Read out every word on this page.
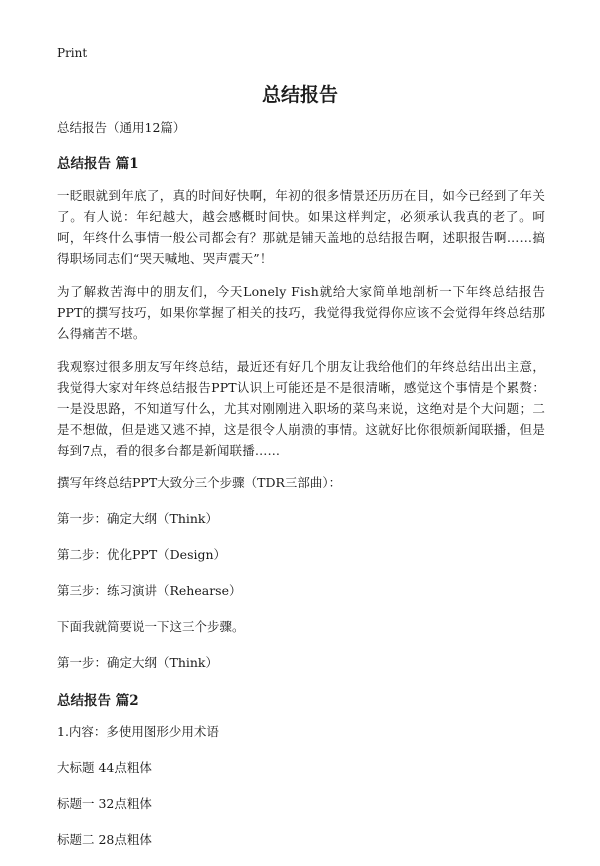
Print
总结报告

总结报告（通用12篇）

总结报告 篇1

一眨眼就到年底了，真的时间好快啊，年初的很多情景还历历在目，如今已经到了年关了。有人说：年纪越大，越会感概时间快。如果这样判定，必须承认我真的老了。呵呵，年终什么事情一般公司都会有？那就是铺天盖地的总结报告啊，述职报告啊……搞得职场同志们“哭天喊地、哭声震天”！

为了解救苦海中的朋友们，今天Lonely Fish就给大家简单地剖析一下年终总结报告PPT的撰写技巧，如果你掌握了相关的技巧，我觉得我觉得你应该不会觉得年终总结那么得痛苦不堪。

我观察过很多朋友写年终总结，最近还有好几个朋友让我给他们的年终总结出出主意，我觉得大家对年终总结报告PPT认识上可能还是不是很清晰，感觉这个事情是个累赘：一是没思路，不知道写什么，尤其对刚刚进入职场的菜鸟来说，这绝对是个大问题；二是不想做，但是逃又逃不掉，这是很令人崩溃的事情。这就好比你很烦新闻联播，但是每到7点，看的很多台都是新闻联播……

撰写年终总结PPT大致分三个步骤（TDR三部曲）：

第一步：确定大纲（Think）

第二步：优化PPT（Design）

第三步：练习演讲（Rehearse）

下面我就简要说一下这三个步骤。

第一步：确定大纲（Think）

总结报告 篇2

1.内容：多使用图形少用术语

大标题 44点粗体

标题一 32点粗体

标题二 28点粗体
